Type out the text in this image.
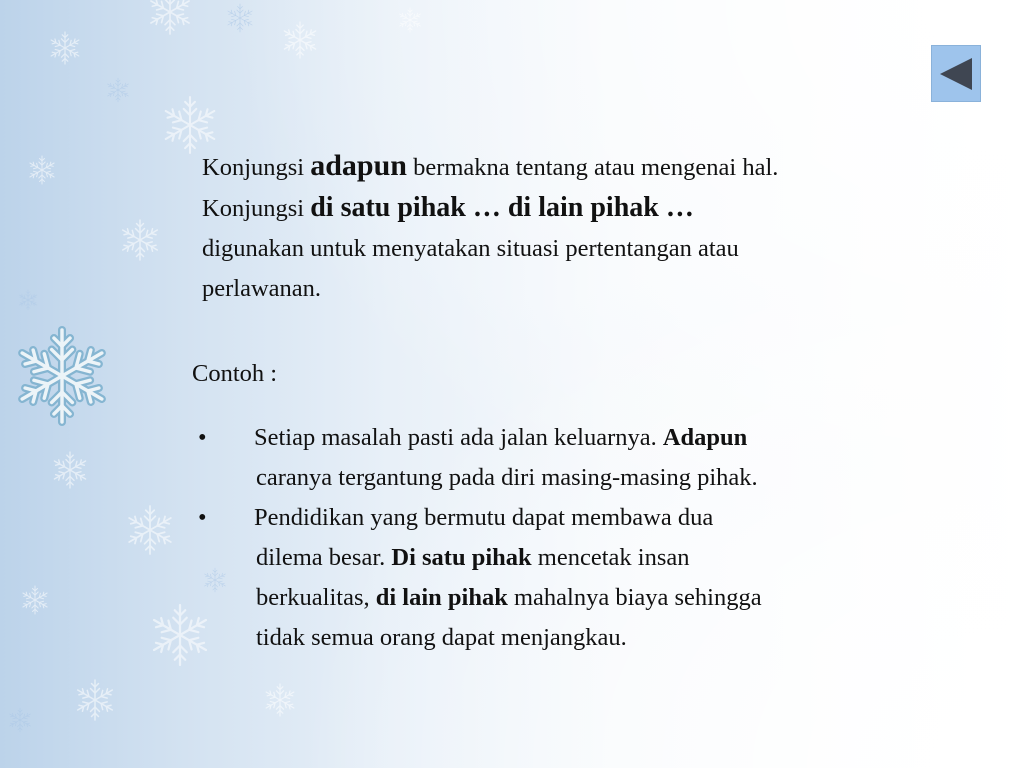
Konjungsi adapun bermakna tentang atau mengenai hal.
Konjungsi di satu pihak … di lain pihak …
digunakan untuk menyatakan situasi pertentangan atau
perlawanan.
Contoh :
• Setiap masalah pasti ada jalan keluarnya. Adapun
caranya tergantung pada diri masing-masing pihak.
• Pendidikan yang bermutu dapat membawa dua
dilema besar. Di satu pihak mencetak insan
berkualitas, di lain pihak mahalnya biaya sehingga
tidak semua orang dapat menjangkau.
